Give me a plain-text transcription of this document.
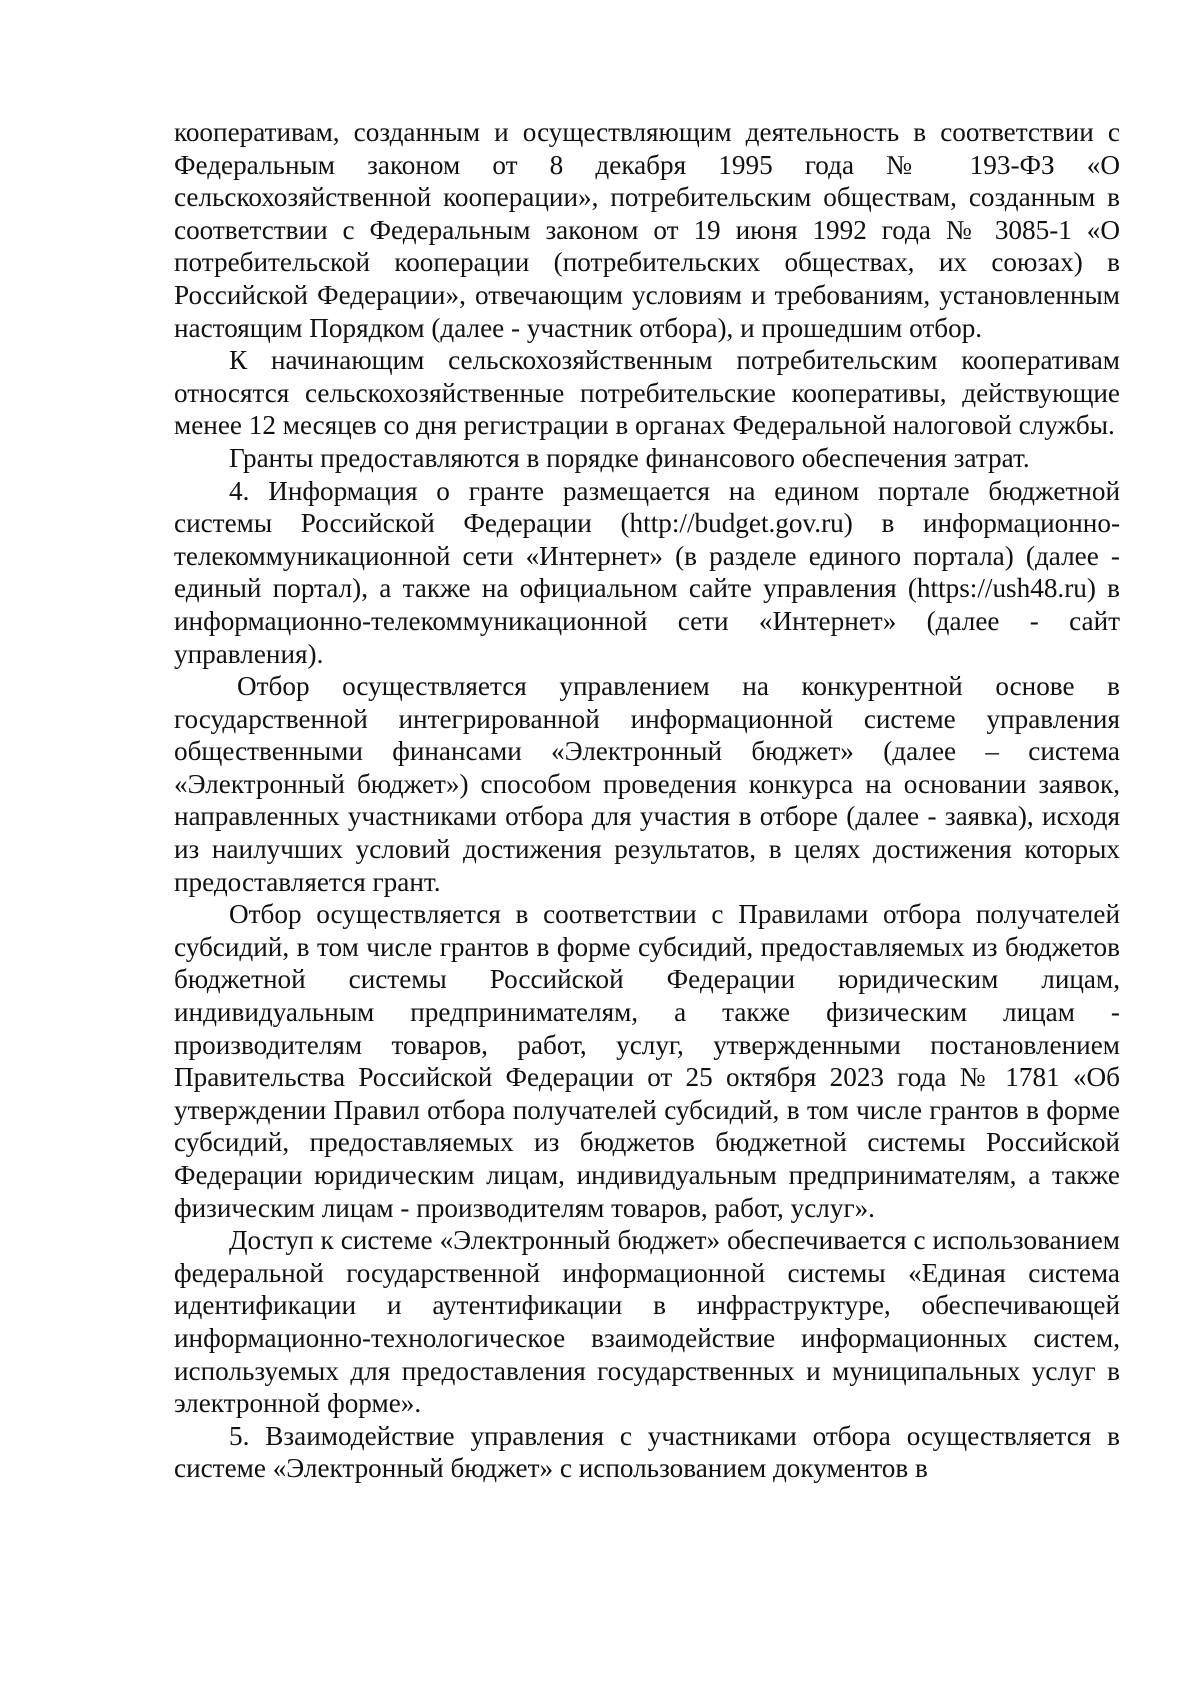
кооперативам, созданным и осуществляющим деятельность в соответствии с Федеральным законом от 8 декабря 1995 года № 193-ФЗ «О сельскохозяйственной кооперации», потребительским обществам, созданным в соответствии с Федеральным законом от 19 июня 1992 года № 3085-1 «О потребительской кооперации (потребительских обществах, их союзах) в Российской Федерации», отвечающим условиям и требованиям, установленным настоящим Порядком (далее - участник отбора), и прошедшим отбор.

К начинающим сельскохозяйственным потребительским кооперативам относятся сельскохозяйственные потребительские кооперативы, действующие менее 12 месяцев со дня регистрации в органах Федеральной налоговой службы.

Гранты предоставляются в порядке финансового обеспечения затрат.

4. Информация о гранте размещается на едином портале бюджетной системы Российской Федерации (http://budget.gov.ru) в информационно-телекоммуникационной сети «Интернет» (в разделе единого портала) (далее - единый портал), а также на официальном сайте управления (https://ush48.ru) в информационно-телекоммуникационной сети «Интернет» (далее - сайт управления).

Отбор осуществляется управлением на конкурентной основе в государственной интегрированной информационной системе управления общественными финансами «Электронный бюджет» (далее – система «Электронный бюджет») способом проведения конкурса на основании заявок, направленных участниками отбора для участия в отборе (далее - заявка), исходя из наилучших условий достижения результатов, в целях достижения которых предоставляется грант.

Отбор осуществляется в соответствии с Правилами отбора получателей субсидий, в том числе грантов в форме субсидий, предоставляемых из бюджетов бюджетной системы Российской Федерации юридическим лицам, индивидуальным предпринимателям, а также физическим лицам - производителям товаров, работ, услуг, утвержденными постановлением Правительства Российской Федерации от 25 октября 2023 года № 1781 «Об утверждении Правил отбора получателей субсидий, в том числе грантов в форме субсидий, предоставляемых из бюджетов бюджетной системы Российской Федерации юридическим лицам, индивидуальным предпринимателям, а также физическим лицам - производителям товаров, работ, услуг».

Доступ к системе «Электронный бюджет» обеспечивается с использованием федеральной государственной информационной системы «Единая система идентификации и аутентификации в инфраструктуре, обеспечивающей информационно-технологическое взаимодействие информационных систем, используемых для предоставления государственных и муниципальных услуг в электронной форме».

5. Взаимодействие управления с участниками отбора осуществляется в системе «Электронный бюджет» с использованием документов в
